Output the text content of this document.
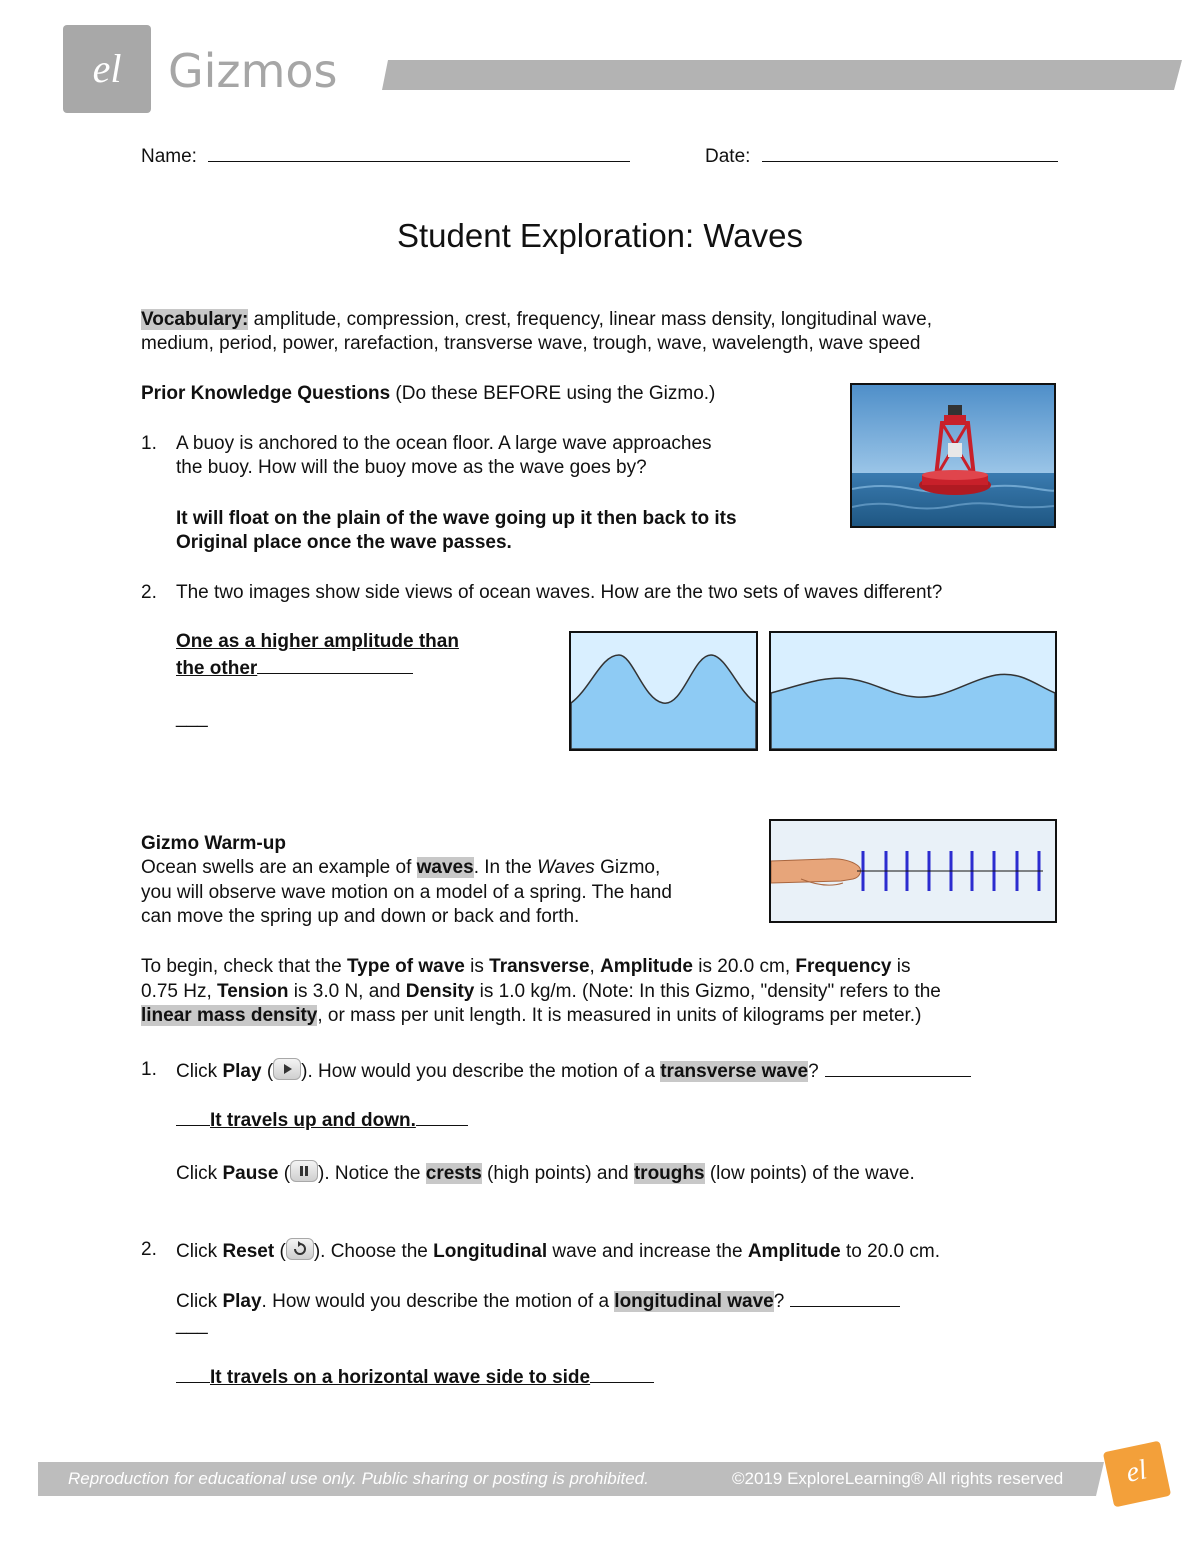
el	Gizmos
Name:	Date:
Student Exploration: Waves
Vocabulary: amplitude, compression, crest, frequency, linear mass density, longitudinal wave,
medium, period, power, rarefaction, transverse wave, trough, wave, wavelength, wave speed
Prior Knowledge Questions (Do these BEFORE using the Gizmo.)
1. A buoy is anchored to the ocean floor. A large wave approaches
the buoy. How will the buoy move as the wave goes by?
It will float on the plain of the wave going up it then back to its
Original place once the wave passes.
2. The two images show side views of ocean waves. How are the two sets of waves different?
One as a higher amplitude than
the other
___
Gizmo Warm-up
Ocean swells are an example of waves. In the Waves Gizmo,
you will observe wave motion on a model of a spring. The hand
can move the spring up and down or back and forth.
To begin, check that the Type of wave is Transverse, Amplitude is 20.0 cm, Frequency is
0.75 Hz, Tension is 3.0 N, and Density is 1.0 kg/m. (Note: In this Gizmo, "density" refers to the
linear mass density, or mass per unit length. It is measured in units of kilograms per meter.)
1. Click Play ( ). How would you describe the motion of a transverse wave?
It travels up and down.
Click Pause ( ). Notice the crests (high points) and troughs (low points) of the wave.
2. Click Reset ( ). Choose the Longitudinal wave and increase the Amplitude to 20.0 cm.
Click Play. How would you describe the motion of a longitudinal wave?
___
It travels on a horizontal wave side to side
Reproduction for educational use only. Public sharing or posting is prohibited.	©2019 ExploreLearning® All rights reserved	el
